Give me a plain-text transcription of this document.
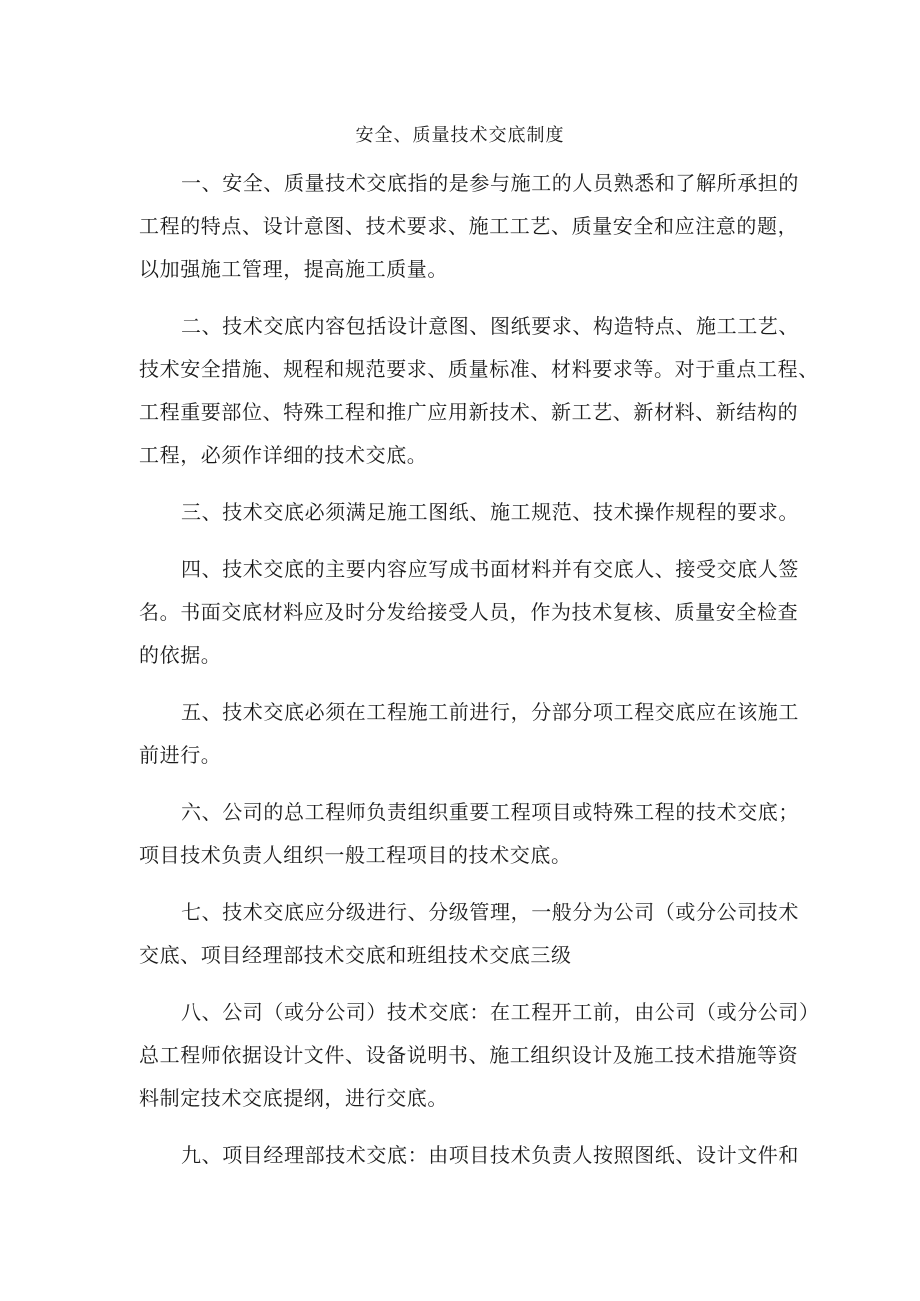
安全、质量技术交底制度

一、安全、质量技术交底指的是参与施工的人员熟悉和了解所承担的
工程的特点、设计意图、技术要求、施工工艺、质量安全和应注意的题，
以加强施工管理，提高施工质量。

二、技术交底内容包括设计意图、图纸要求、构造特点、施工工艺、
技术安全措施、规程和规范要求、质量标准、材料要求等。对于重点工程、
工程重要部位、特殊工程和推广应用新技术、新工艺、新材料、新结构的
工程，必须作详细的技术交底。

三、技术交底必须满足施工图纸、施工规范、技术操作规程的要求。

四、技术交底的主要内容应写成书面材料并有交底人、接受交底人签
名。书面交底材料应及时分发给接受人员，作为技术复核、质量安全检查
的依据。

五、技术交底必须在工程施工前进行，分部分项工程交底应在该施工
前进行。

六、公司的总工程师负责组织重要工程项目或特殊工程的技术交底；
项目技术负责人组织一般工程项目的技术交底。

七、技术交底应分级进行、分级管理，一般分为公司（或分公司技术
交底、项目经理部技术交底和班组技术交底三级

八、公司（或分公司）技术交底：在工程开工前，由公司（或分公司）
总工程师依据设计文件、设备说明书、施工组织设计及施工技术措施等资
料制定技术交底提纲，进行交底。

九、项目经理部技术交底：由项目技术负责人按照图纸、设计文件和
